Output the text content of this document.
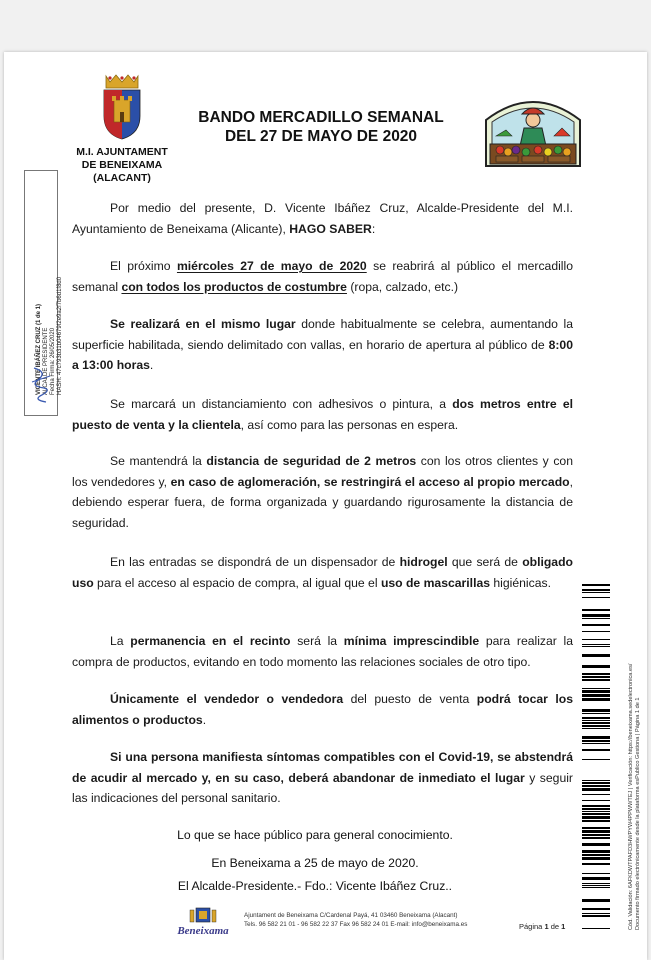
M.I. AJUNTAMENT
DE BENEIXAMA
(ALACANT)
BANDO MERCADILLO SEMANAL
DEL 27 DE MAYO DE 2020
VICENTE IBÁÑEZ CRUZ (1 de 1) ALCALDE PRESIDENTE Fecha Firma: 26/05/2020 HASH: 47c793b31b04679f2e9a2f7b6d1f8d0
Por medio del presente, D. Vicente Ibáñez Cruz, Alcalde-Presidente del M.I. Ayuntamiento de Beneixama (Alicante), HAGO SABER:
El próximo miércoles 27 de mayo de 2020 se reabrirá al público el mercadillo semanal con todos los productos de costumbre (ropa, calzado, etc.)
Se realizará en el mismo lugar donde habitualmente se celebra, aumentando la superficie habilitada, siendo delimitado con vallas, en horario de apertura al público de 8:00 a 13:00 horas.
Se marcará un distanciamiento con adhesivos o pintura, a dos metros entre el puesto de venta y la clientela, así como para las personas en espera.
Se mantendrá la distancia de seguridad de 2 metros con los otros clientes y con los vendedores y, en caso de aglomeración, se restringirá el acceso al propio mercado, debiendo esperar fuera, de forma organizada y guardando rigurosamente la distancia de seguridad.
En las entradas se dispondrá de un dispensador de hidrogel que será de obligado uso para el acceso al espacio de compra, al igual que el uso de mascarillas higiénicas.
La permanencia en el recinto será la mínima imprescindible para realizar la compra de productos, evitando en todo momento las relaciones sociales de otro tipo.
Únicamente el vendedor o vendedora del puesto de venta podrá tocar los alimentos o productos.
Si una persona manifiesta síntomas compatibles con el Covid-19, se abstendrá de acudir al mercado y, en su caso, deberá abandonar de inmediato el lugar y seguir las indicaciones del personal sanitario.
Lo que se hace público para general conocimiento.
En Beneixama a 25 de mayo de 2020.
El Alcalde-Presidente.- Fdo.: Vicente Ibáñez Cruz..
Beneixama
Ajuntament de Beneixama C/Cardenal Payá, 41 03460 Beneixama (Alacant)
Tels. 96 582 21 01 - 96 582 22 37 Fax 96 582 24 01 E-mail: info@beneixama.es	Página 1 de 1	Cód. Validación: 6AFKDWTPAFD3HWPYW4PPWWTEJ | Verificación: https://beneixama.sedelectronica.es/ Documento firmado electrónicamente desde la plataforma esPublico Gestiona | Página 1 de 1
